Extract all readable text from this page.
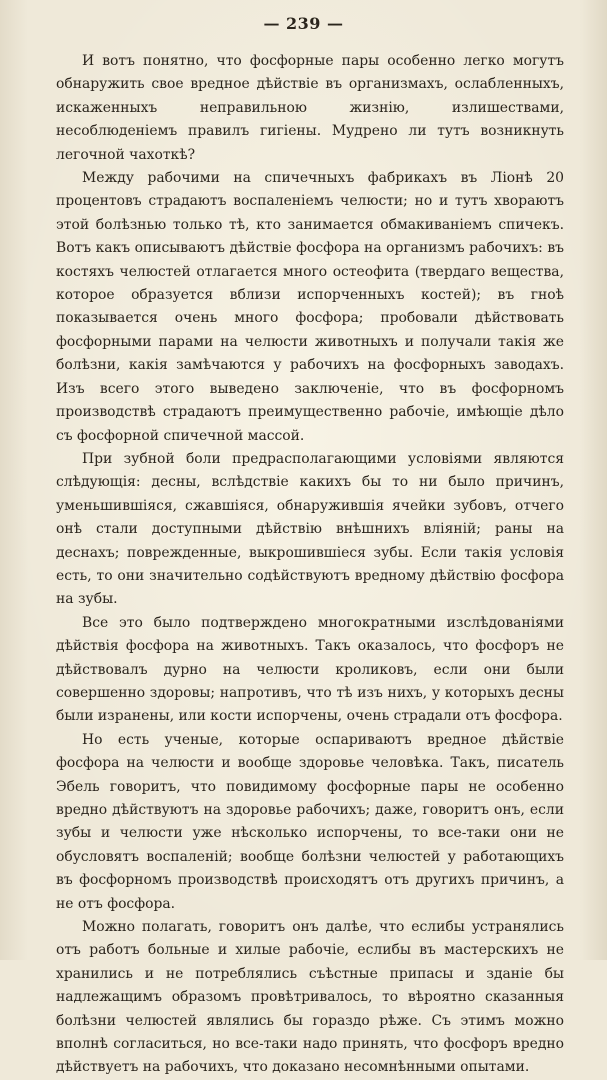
— 239 —

И вотъ понятно, что фосфорные пары особенно легко могутъ обнаружить свое вредное дѣйствіе въ организмахъ, ослабленныхъ, искаженныхъ неправильною жизнію, излишествами, несоблюденіемъ правилъ гигіены. Мудрено ли тутъ возникнуть легочной чахоткѣ?

Между рабочими на спичечныхъ фабрикахъ въ Ліонѣ 20 процентовъ страдаютъ воспаленіемъ челюсти; но и тутъ хвораютъ этой болѣзнью только тѣ, кто занимается обмакиваніемъ спичекъ. Вотъ какъ описываютъ дѣйствіе фосфора на организмъ рабочихъ: въ костяхъ челюстей отлагается много остеофита (твердаго вещества, которое образуется вблизи испорченныхъ костей); въ гноѣ показывается очень много фосфора; пробовали дѣйствовать фосфорными парами на челюсти животныхъ и получали такія же болѣзни, какія замѣчаются у рабочихъ на фосфорныхъ заводахъ. Изъ всего этого выведено заключеніе, что въ фосфорномъ производствѣ страдаютъ преимущественно рабочіе, имѣющіе дѣло съ фосфорной спичечной массой.

При зубной боли предрасполагающими условіями являются слѣдующія: десны, вслѣдствіе какихъ бы то ни было причинъ, уменьшившіяся, сжавшіяся, обнаружившія ячейки зубовъ, отчего онѣ стали доступными дѣйствію внѣшнихъ вліяній; раны на деснахъ; поврежденные, выкрошившіеся зубы. Если такія условія есть, то они значительно содѣйствуютъ вредному дѣйствію фосфора на зубы.

Все это было подтверждено многократными изслѣдованіями дѣйствія фосфора на животныхъ. Такъ оказалось, что фосфоръ не дѣйствовалъ дурно на челюсти кроликовъ, если они были совершенно здоровы; напротивъ, что тѣ изъ нихъ, у которыхъ десны были изранены, или кости испорчены, очень страдали отъ фосфора.

Но есть ученые, которые оспариваютъ вредное дѣйствіе фосфора на челюсти и вообще здоровье человѣка. Такъ, писатель Эбель говоритъ, что повидимому фосфорные пары не особенно вредно дѣйствуютъ на здоровье рабочихъ; даже, говоритъ онъ, если зубы и челюсти уже нѣсколько испорчены, то все-таки они не обусловятъ воспаленій; вообще болѣзни челюстей у работающихъ въ фосфорномъ производствѣ происходятъ отъ другихъ причинъ, а не отъ фосфора.

Можно полагать, говоритъ онъ далѣе, что еслибы устранялись отъ работъ больные и хилые рабочіе, еслибы въ мастерскихъ не хранились и не потреблялись съѣстные припасы и зданіе бы надлежащимъ образомъ провѣтривалось, то вѣроятно сказанныя болѣзни челюстей являлись бы гораздо рѣже. Съ этимъ можно вполнѣ согласиться, но все-таки надо принять, что фосфоръ вредно дѣйствуетъ на рабочихъ, что доказано несомнѣнными опытами.
